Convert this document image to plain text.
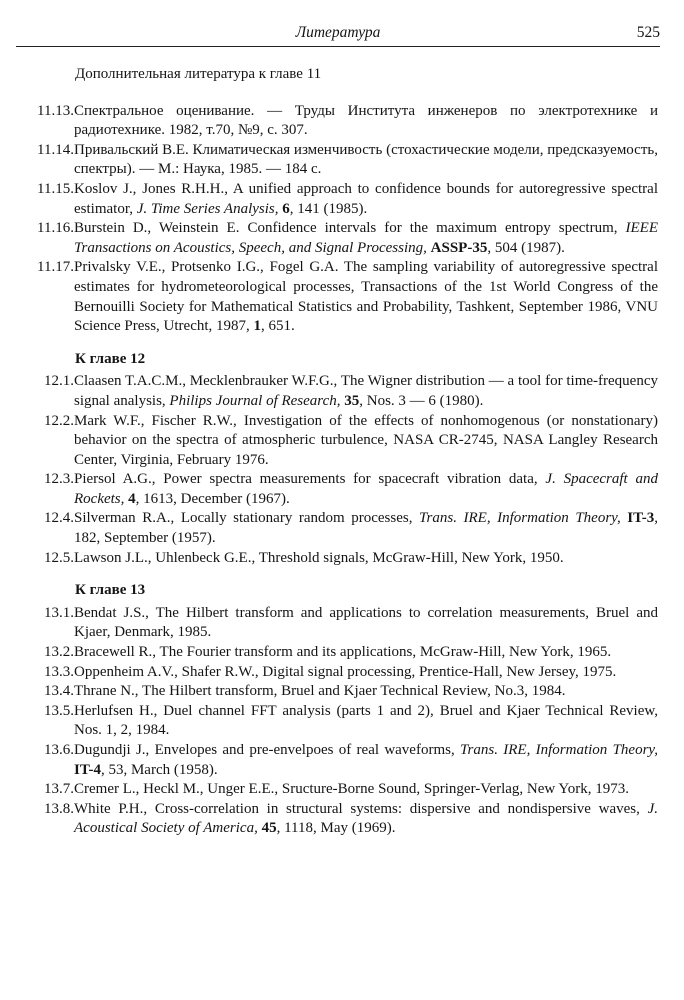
Литература	525
Дополнительная литература к главе 11
11.13. Спектральное оценивание. — Труды Института инженеров по электротехнике и радиотехнике. 1982, т.70, №9, с. 307.
11.14. Привальский В.Е. Климатическая изменчивость (стохастические модели, предсказуемость, спектры). — М.: Наука, 1985. — 184 с.
11.15. Koslov J., Jones R.H.H., A unified approach to confidence bounds for autoregressive spectral estimator, J. Time Series Analysis, 6, 141 (1985).
11.16. Burstein D., Weinstein E. Confidence intervals for the maximum entropy spectrum, IEEE Transactions on Acoustics, Speech, and Signal Processing, ASSP-35, 504 (1987).
11.17. Privalsky V.E., Protsenko I.G., Fogel G.A. The sampling variability of autoregressive spectral estimates for hydrometeorological processes, Transactions of the 1st World Congress of the Bernouilli Society for Mathematical Statistics and Probability, Tashkent, September 1986, VNU Science Press, Utrecht, 1987, 1, 651.
К главе 12
12.1. Claasen T.A.C.M., Mecklenbrauker W.F.G., The Wigner distribution — a tool for time-frequency signal analysis, Philips Journal of Research, 35, Nos. 3 — 6 (1980).
12.2. Mark W.F., Fischer R.W., Investigation of the effects of nonhomogenous (or nonstationary) behavior on the spectra of atmospheric turbulence, NASA CR-2745, NASA Langley Research Center, Virginia, February 1976.
12.3. Piersol A.G., Power spectra measurements for spacecraft vibration data, J. Spacecraft and Rockets, 4, 1613, December (1967).
12.4. Silverman R.A., Locally stationary random processes, Trans. IRE, Information Theory, IT-3, 182, September (1957).
12.5. Lawson J.L., Uhlenbeck G.E., Threshold signals, McGraw-Hill, New York, 1950.
К главе 13
13.1. Bendat J.S., The Hilbert transform and applications to correlation measurements, Bruel and Kjaer, Denmark, 1985.
13.2. Bracewell R., The Fourier transform and its applications, McGraw-Hill, New York, 1965.
13.3. Oppenheim A.V., Shafer R.W., Digital signal processing, Prentice-Hall, New Jersey, 1975.
13.4. Thrane N., The Hilbert transform, Bruel and Kjaer Technical Review, No.3, 1984.
13.5. Herlufsen H., Duel channel FFT analysis (parts 1 and 2), Bruel and Kjaer Technical Review, Nos. 1, 2, 1984.
13.6. Dugundji J., Envelopes and pre-envelpoes of real waveforms, Trans. IRE, Information Theory, IT-4, 53, March (1958).
13.7. Cremer L., Heckl M., Unger E.E., Sructure-Borne Sound, Springer-Verlag, New York, 1973.
13.8. White P.H., Cross-correlation in structural systems: dispersive and nondispersive waves, J. Acoustical Society of America, 45, 1118, May (1969).
